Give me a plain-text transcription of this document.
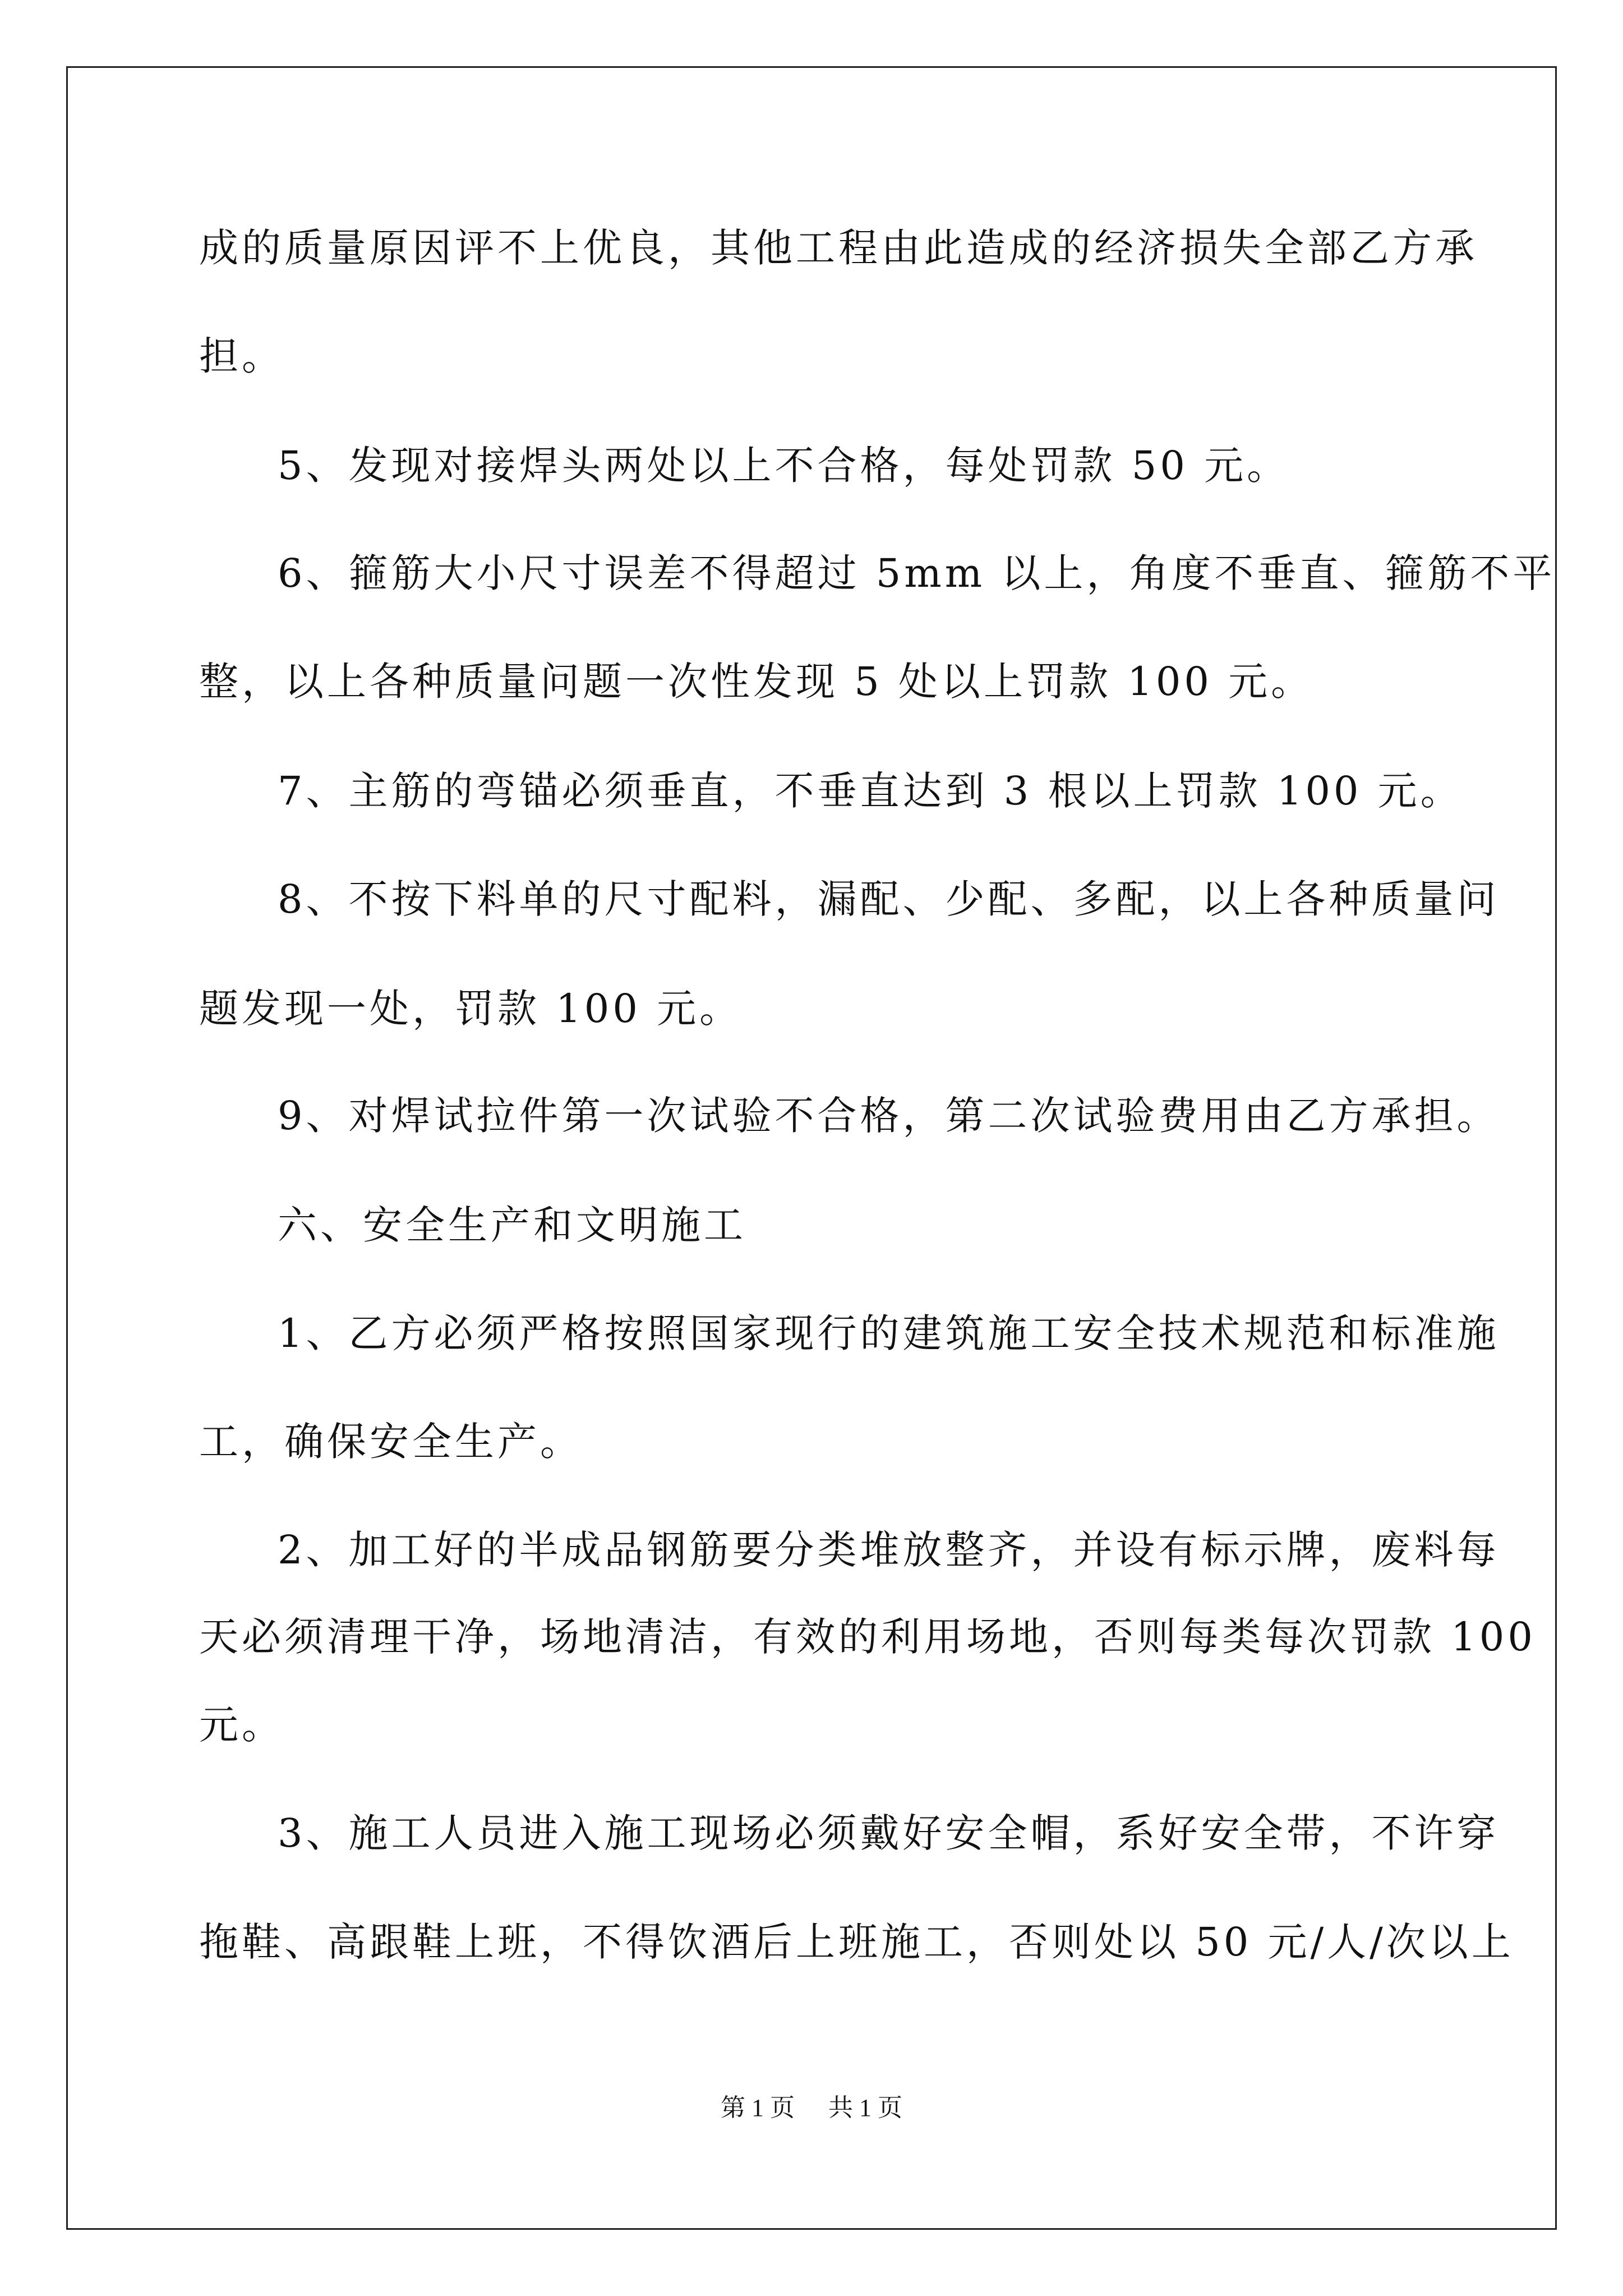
成的质量原因评不上优良，其他工程由此造成的经济损失全部乙方承
担。
5、发现对接焊头两处以上不合格，每处罚款 50 元。
6、箍筋大小尺寸误差不得超过 5mm 以上，角度不垂直、箍筋不平
整，以上各种质量问题一次性发现 5 处以上罚款 100 元。
7、主筋的弯锚必须垂直，不垂直达到 3 根以上罚款 100 元。
8、不按下料单的尺寸配料，漏配、少配、多配，以上各种质量问
题发现一处，罚款 100 元。
9、对焊试拉件第一次试验不合格，第二次试验费用由乙方承担。
六、安全生产和文明施工
1、乙方必须严格按照国家现行的建筑施工安全技术规范和标准施
工，确保安全生产。
2、加工好的半成品钢筋要分类堆放整齐，并设有标示牌，废料每
天必须清理干净，场地清洁，有效的利用场地，否则每类每次罚款 100
元。
3、施工人员进入施工现场必须戴好安全帽，系好安全带，不许穿
拖鞋、高跟鞋上班，不得饮酒后上班施工，否则处以 50 元/人/次以上
第 1 页 共 1 页
